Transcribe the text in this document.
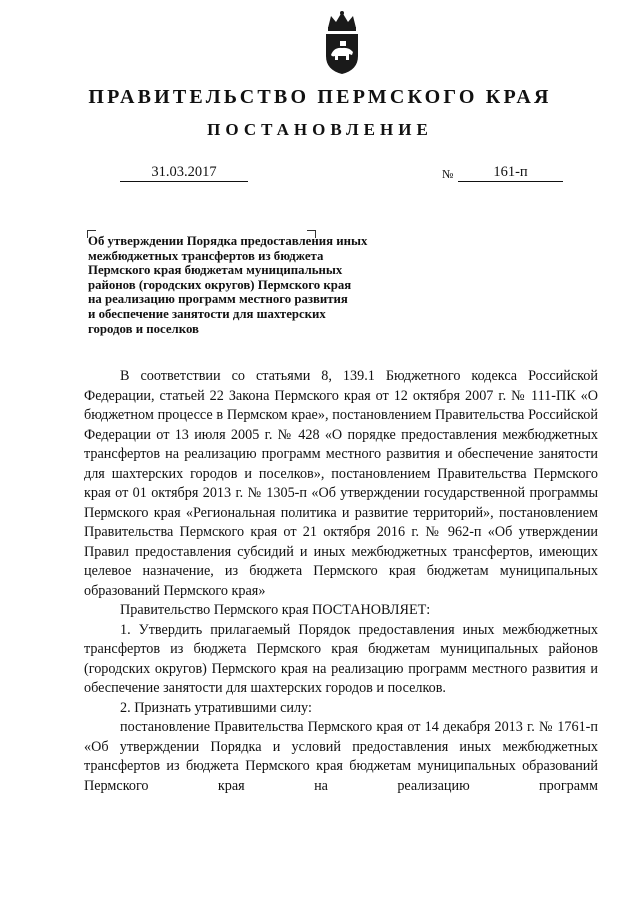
ПРАВИТЕЛЬСТВО ПЕРМСКОГО КРАЯ
ПОСТАНОВЛЕНИЕ
31.03.2017	№	161-п
Об утверждении Порядка предоставления иных
межбюджетных трансфертов из бюджета
Пермского края бюджетам муниципальных
районов (городских округов) Пермского края
на реализацию программ местного развития
и обеспечение занятости для шахтерских
городов и поселков

В соответствии со статьями 8, 139.1 Бюджетного кодекса Российской Федерации, статьей 22 Закона Пермского края от 12 октября 2007 г. № 111-ПК «О бюджетном процессе в Пермском крае», постановлением Правительства Российской Федерации от 13 июля 2005 г. № 428 «О порядке предоставления межбюджетных трансфертов на реализацию программ местного развития и обеспечение занятости для шахтерских городов и поселков», постановлением Правительства Пермского края от 01 октября 2013 г. № 1305-п «Об утверждении государственной программы Пермского края «Региональная политика и развитие территорий», постановлением Правительства Пермского края от 21 октября 2016 г. № 962-п «Об утверждении Правил предоставления субсидий и иных межбюджетных трансфертов, имеющих целевое назначение, из бюджета Пермского края бюджетам муниципальных образований Пермского края»

Правительство Пермского края ПОСТАНОВЛЯЕТ:

1. Утвердить прилагаемый Порядок предоставления иных межбюджетных трансфертов из бюджета Пермского края бюджетам муниципальных районов (городских округов) Пермского края на реализацию программ местного развития и обеспечение занятости для шахтерских городов и поселков.

2. Признать утратившими силу:

постановление Правительства Пермского края от 14 декабря 2013 г. № 1761-п «Об утверждении Порядка и условий предоставления иных межбюджетных трансфертов из бюджета Пермского края бюджетам муниципальных образований Пермского края на реализацию программ
